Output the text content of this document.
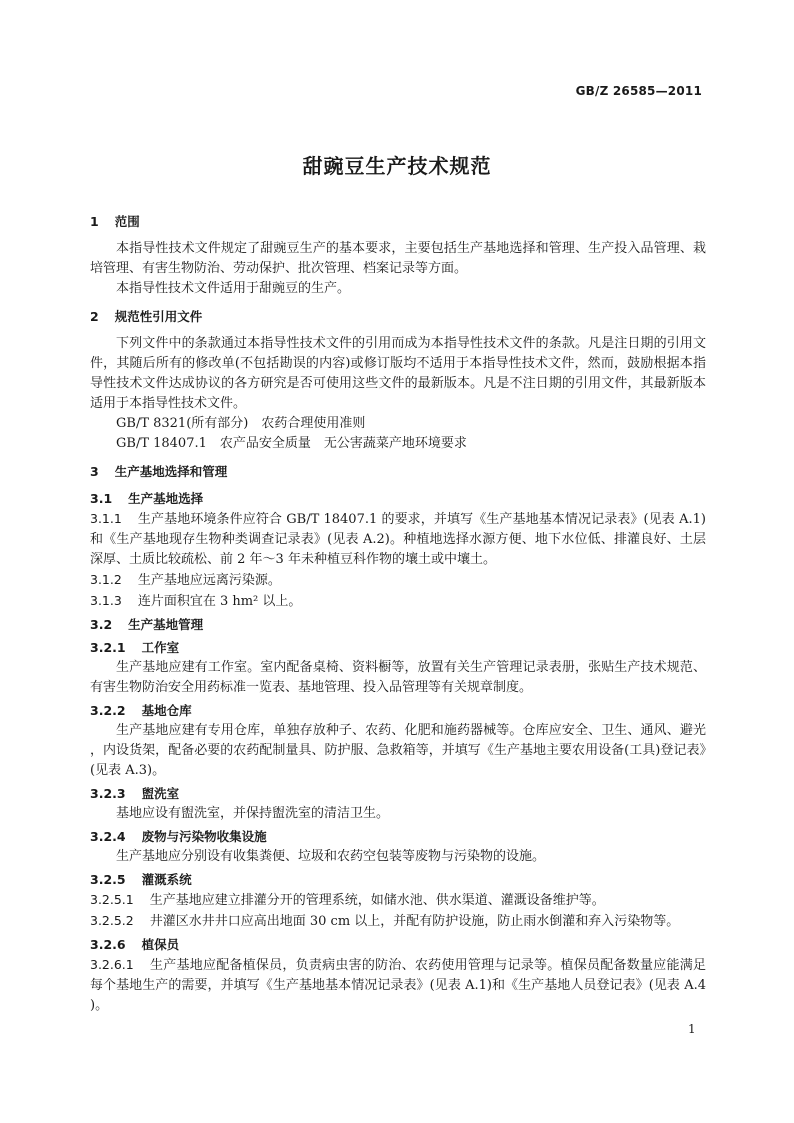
GB/Z 26585—2011
甜豌豆生产技术规范
1 范围

本指导性技术文件规定了甜豌豆生产的基本要求，主要包括生产基地选择和管理、生产投入品管理、栽培管理、有害生物防治、劳动保护、批次管理、档案记录等方面。

本指导性技术文件适用于甜豌豆的生产。

2 规范性引用文件

下列文件中的条款通过本指导性技术文件的引用而成为本指导性技术文件的条款。凡是注日期的引用文件，其随后所有的修改单(不包括勘误的内容)或修订版均不适用于本指导性技术文件，然而，鼓励根据本指导性技术文件达成协议的各方研究是否可使用这些文件的最新版本。凡是不注日期的引用文件，其最新版本适用于本指导性技术文件。

GB/T 8321(所有部分)　农药合理使用准则

GB/T 18407.1　农产品安全质量　无公害蔬菜产地环境要求

3 生产基地选择和管理
3.1 生产基地选择

3.1.1 生产基地环境条件应符合 GB/T 18407.1 的要求，并填写《生产基地基本情况记录表》(见表 A.1)和《生产基地现存生物种类调查记录表》(见表 A.2)。种植地选择水源方便、地下水位低、排灌良好、土层深厚、土质比较疏松、前 2 年～3 年未种植豆科作物的壤土或中壤土。

3.1.2 生产基地应远离污染源。

3.1.3 连片面积宜在 3 hm² 以上。

3.2 生产基地管理
3.2.1 工作室

生产基地应建有工作室。室内配备桌椅、资料橱等，放置有关生产管理记录表册，张贴生产技术规范、有害生物防治安全用药标准一览表、基地管理、投入品管理等有关规章制度。

3.2.2 基地仓库

生产基地应建有专用仓库，单独存放种子、农药、化肥和施药器械等。仓库应安全、卫生、通风、避光，内设货架，配备必要的农药配制量具、防护服、急救箱等，并填写《生产基地主要农用设备(工具)登记表》(见表 A.3)。

3.2.3 盥洗室

基地应设有盥洗室，并保持盥洗室的清洁卫生。

3.2.4 废物与污染物收集设施

生产基地应分别设有收集粪便、垃圾和农药空包装等废物与污染物的设施。

3.2.5 灌溉系统

3.2.5.1 生产基地应建立排灌分开的管理系统，如储水池、供水渠道、灌溉设备维护等。

3.2.5.2 井灌区水井井口应高出地面 30 cm 以上，并配有防护设施，防止雨水倒灌和弃入污染物等。

3.2.6 植保员

3.2.6.1 生产基地应配备植保员，负责病虫害的防治、农药使用管理与记录等。植保员配备数量应能满足每个基地生产的需要，并填写《生产基地基本情况记录表》(见表 A.1)和《生产基地人员登记表》(见表 A.4)。

1
